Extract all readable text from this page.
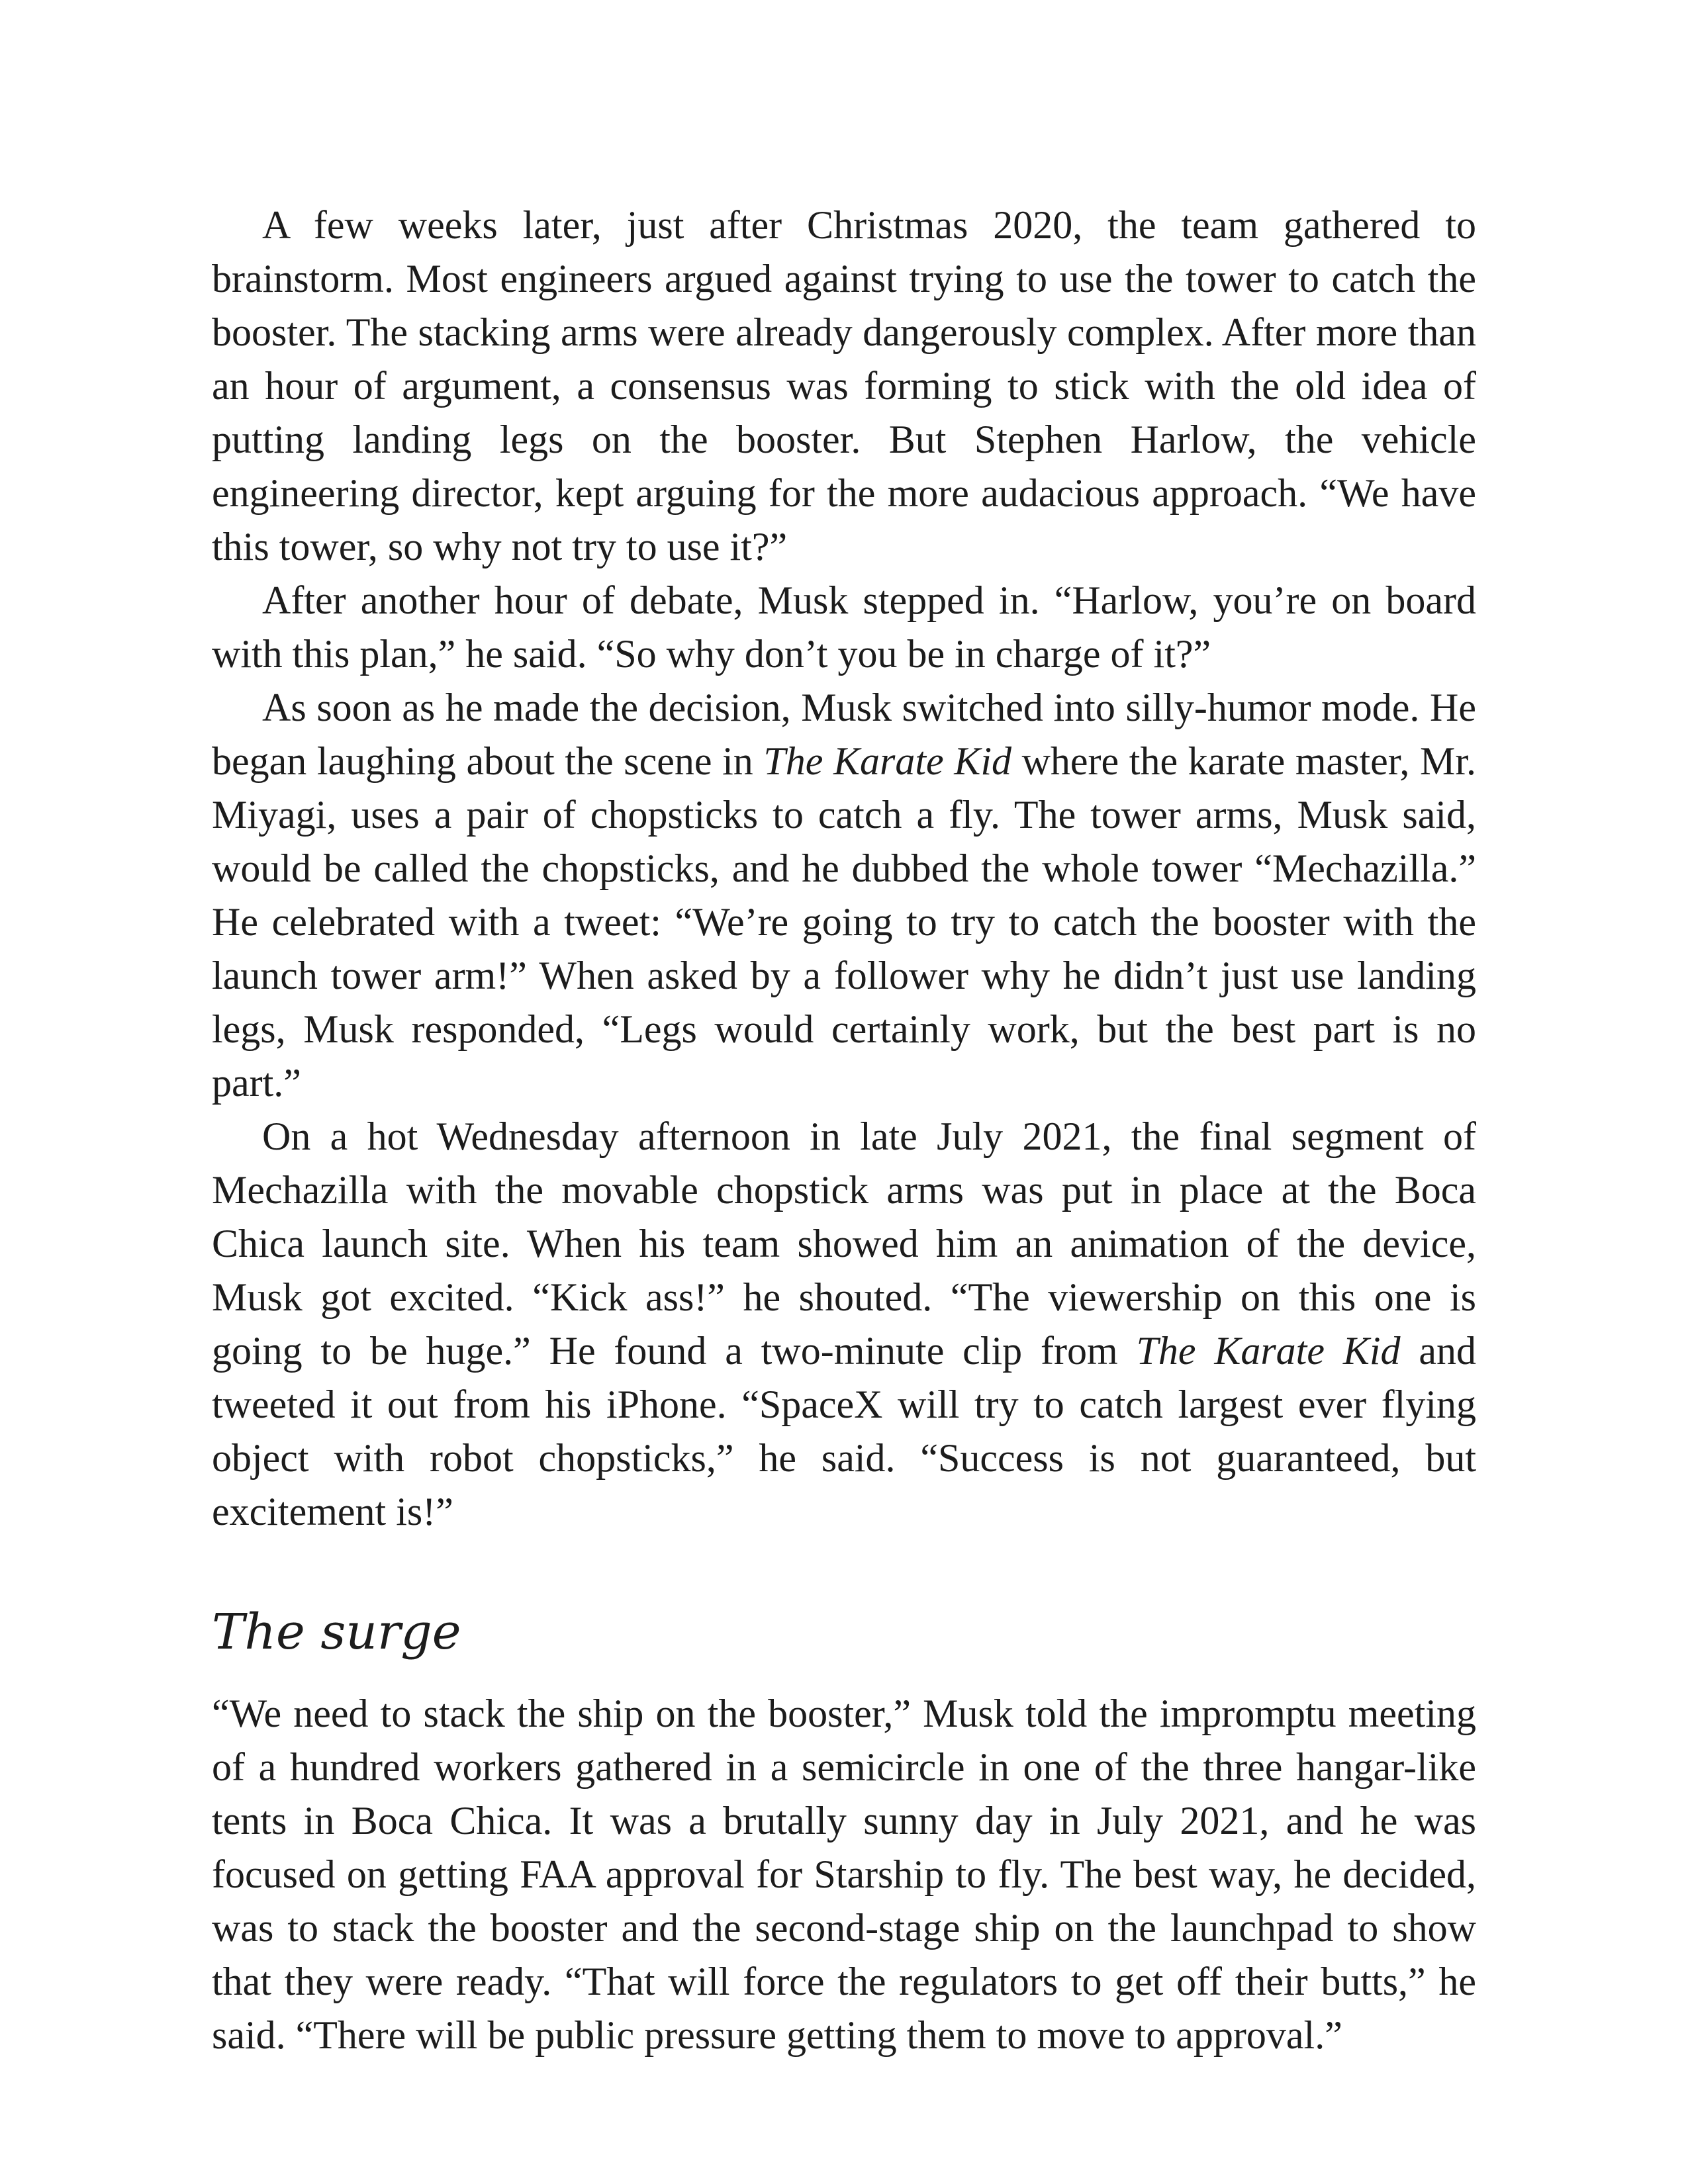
A few weeks later, just after Christmas 2020, the team gathered to brainstorm. Most engineers argued against trying to use the tower to catch the booster. The stacking arms were already dangerously complex. After more than an hour of argument, a consensus was forming to stick with the old idea of putting landing legs on the booster. But Stephen Harlow, the vehicle engineering director, kept arguing for the more audacious approach. “We have this tower, so why not try to use it?”

After another hour of debate, Musk stepped in. “Harlow, you’re on board with this plan,” he said. “So why don’t you be in charge of it?”

As soon as he made the decision, Musk switched into silly-humor mode. He began laughing about the scene in The Karate Kid where the karate master, Mr. Miyagi, uses a pair of chopsticks to catch a fly. The tower arms, Musk said, would be called the chopsticks, and he dubbed the whole tower “Mechazilla.” He celebrated with a tweet: “We’re going to try to catch the booster with the launch tower arm!” When asked by a follower why he didn’t just use landing legs, Musk responded, “Legs would certainly work, but the best part is no part.”

On a hot Wednesday afternoon in late July 2021, the final segment of Mechazilla with the movable chopstick arms was put in place at the Boca Chica launch site. When his team showed him an animation of the device, Musk got excited. “Kick ass!” he shouted. “The viewership on this one is going to be huge.” He found a two-minute clip from The Karate Kid and tweeted it out from his iPhone. “SpaceX will try to catch largest ever flying object with robot chopsticks,” he said. “Success is not guaranteed, but excitement is!”

The surge

“We need to stack the ship on the booster,” Musk told the impromptu meeting of a hundred workers gathered in a semicircle in one of the three hangar-like tents in Boca Chica. It was a brutally sunny day in July 2021, and he was focused on getting FAA approval for Starship to fly. The best way, he decided, was to stack the booster and the second-stage ship on the launchpad to show that they were ready. “That will force the regulators to get off their butts,” he said. “There will be public pressure getting them to move to approval.”
